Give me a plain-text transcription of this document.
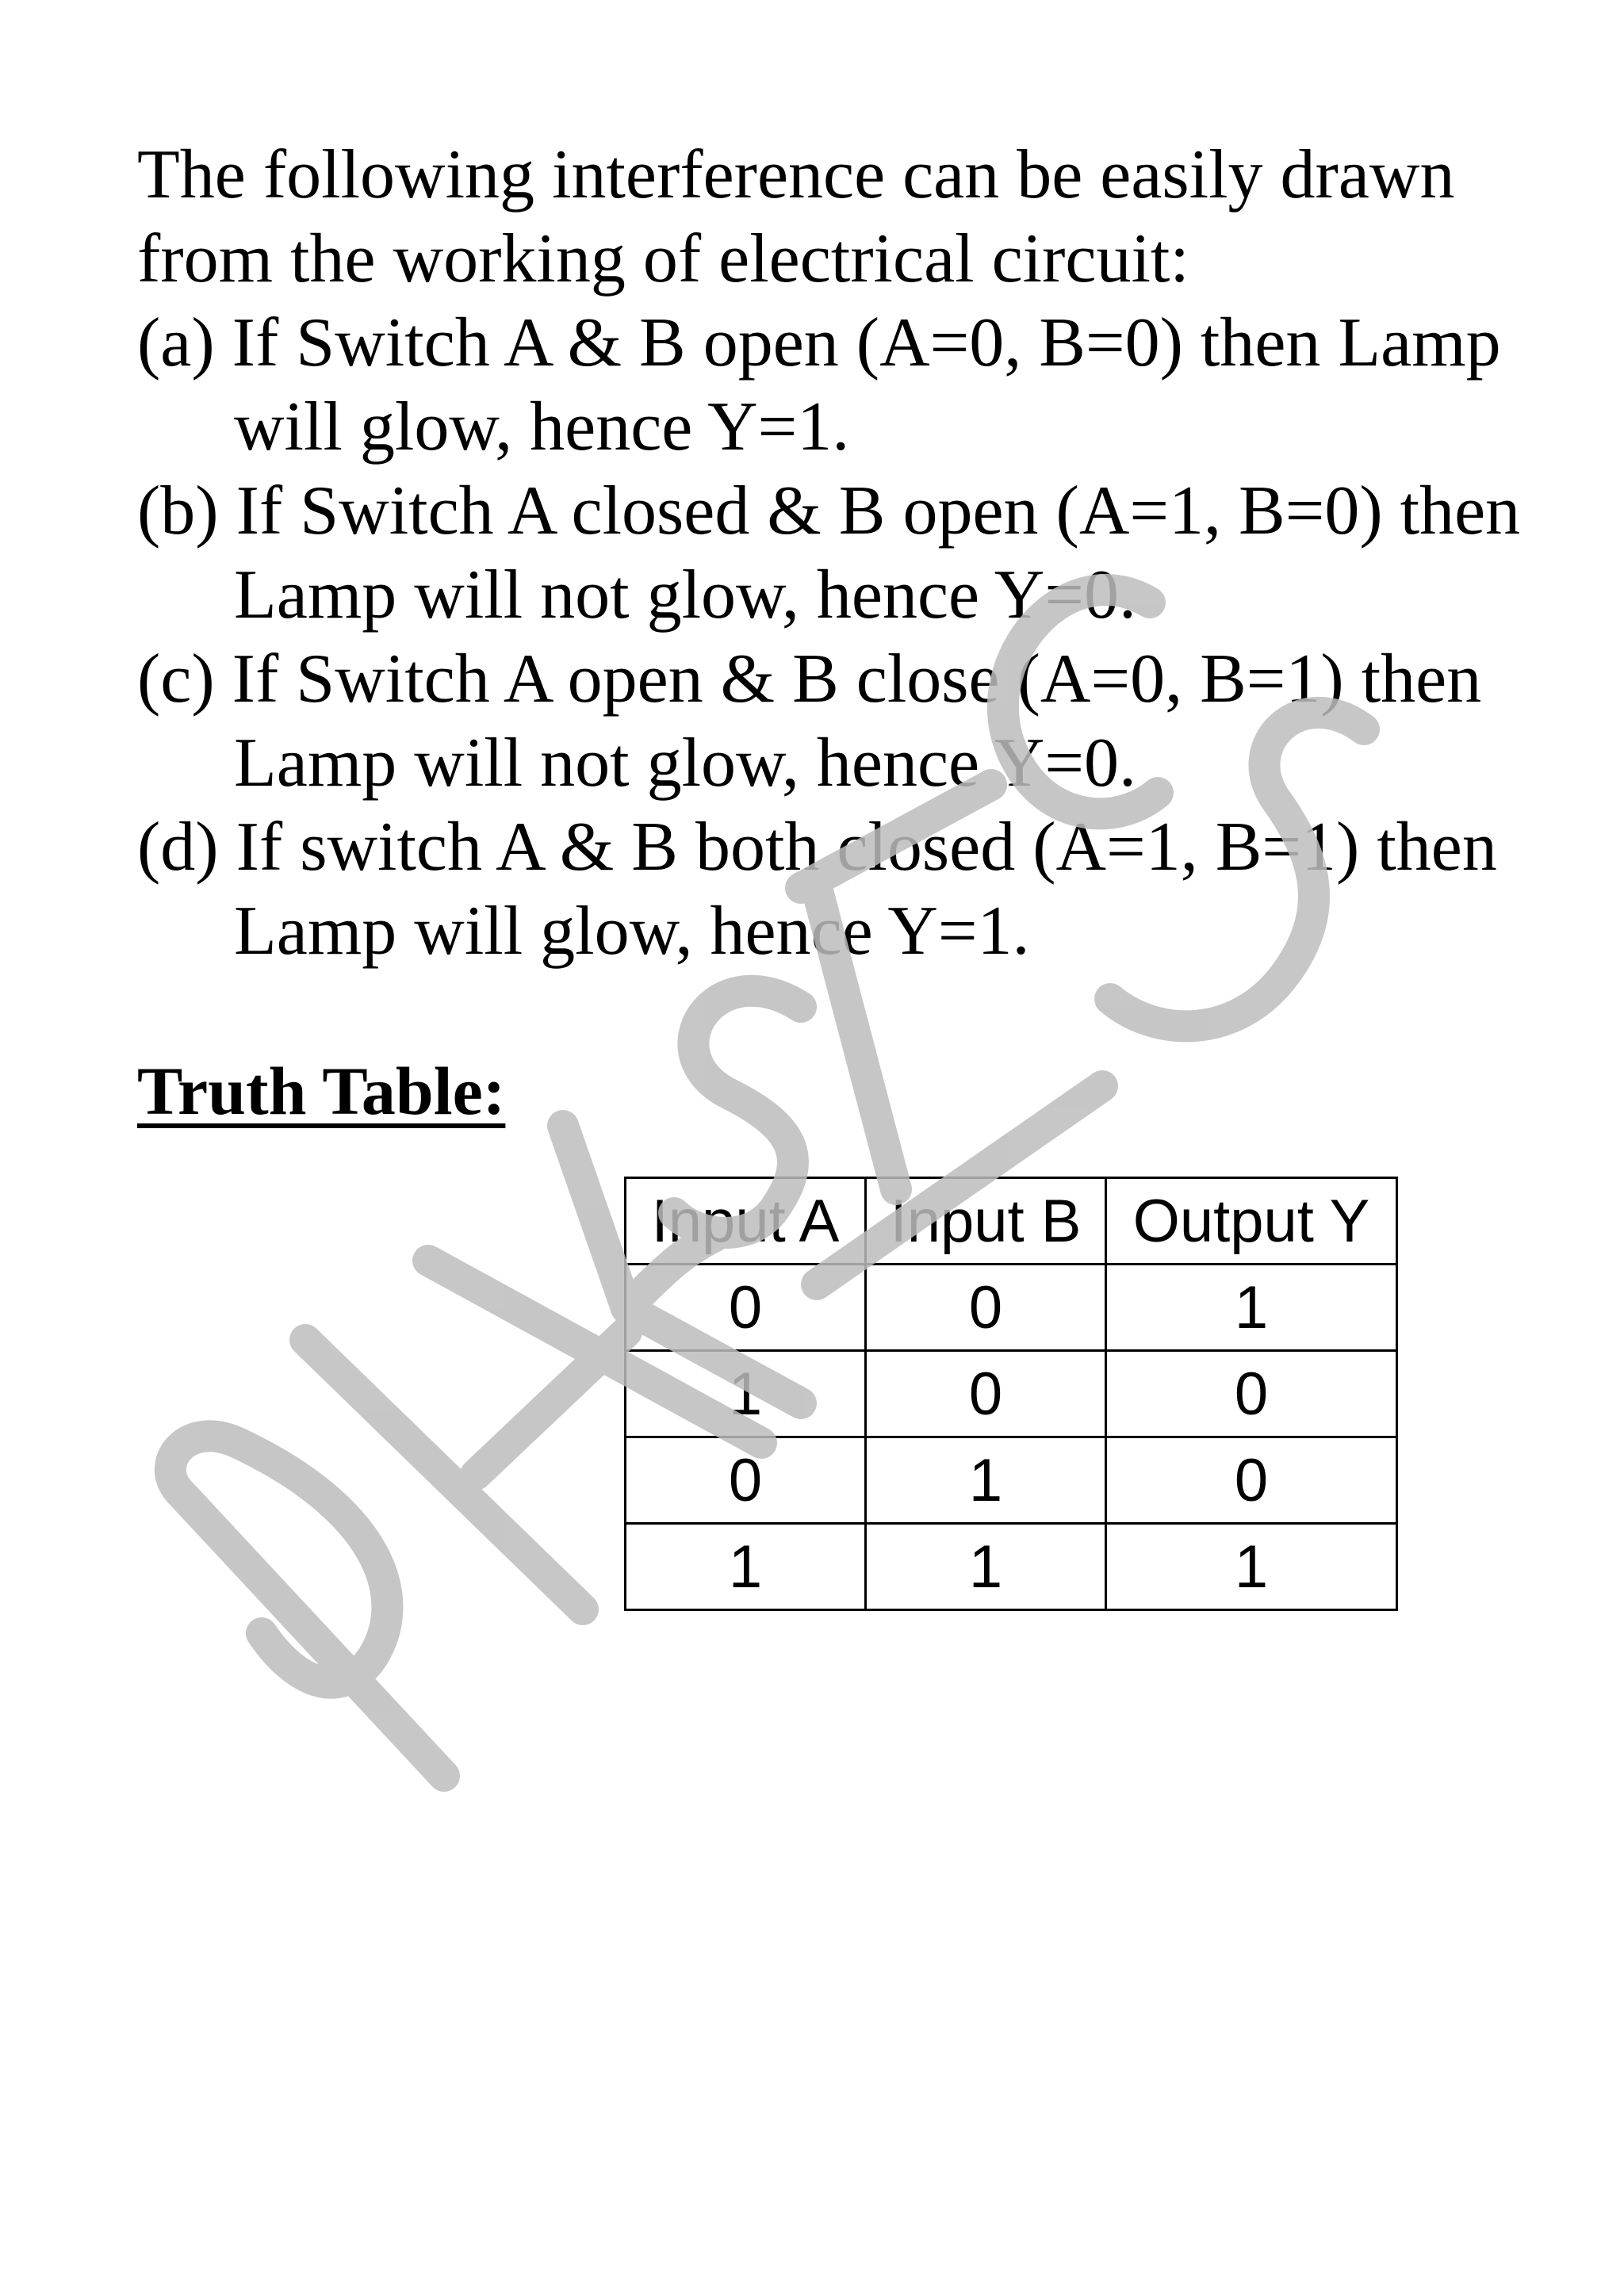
The following interference can be easily drawn from the working of electrical circuit:

(a) If Switch A & B open (A=0, B=0) then Lamp will glow, hence Y=1.

(b) If Switch A closed & B open (A=1, B=0) then Lamp will not glow, hence Y=0.

(c) If Switch A open & B close (A=0, B=1) then Lamp will not glow, hence Y=0.

(d) If switch A & B both closed (A=1, B=1) then Lamp will glow, hence Y=1.

Truth Table:
Input A	Input B	Output Y
0	0	1
1	0	0
0	1	0
1	1	1
